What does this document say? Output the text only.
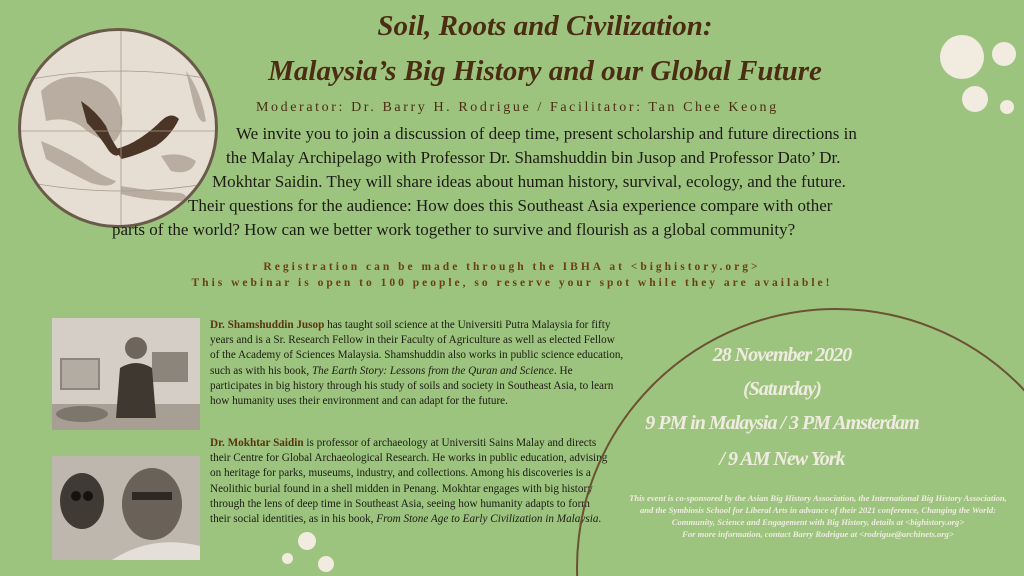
Soil, Roots and Civilization:
Malaysia’s Big History and our Global Future
Moderator: Dr. Barry H. Rodrigue / Facilitator: Tan Chee Keong
We invite you to join a discussion of deep time, present scholarship and future directions in
the Malay Archipelago with Professor Dr. Shamshuddin bin Jusop and Professor Dato’ Dr.
Mokhtar Saidin. They will share ideas about human history, survival, ecology, and the future.
Their questions for the audience: How does this Southeast Asia experience compare with other
parts of the world? How can we better work together to survive and flourish as a global community?
Registration can be made through the IBHA at <bighistory.org>
This webinar is open to 100 people, so reserve your spot while they are available!
Dr. Shamshuddin Jusop has taught soil science at the Universiti Putra Malaysia for fifty years and is a Sr. Research Fellow in their Faculty of Agriculture as well as elected Fellow of the Academy of Sciences Malaysia. Shamshuddin also works in public science education, such as with his book, The Earth Story: Lessons from the Quran and Science. He participates in big history through his study of soils and society in Southeast Asia, to learn how humanity uses their environment and can adapt for the future.
Dr. Mokhtar Saidin is professor of archaeology at Universiti Sains Malay and directs their Centre for Global Archaeological Research. He works in public education, advising on heritage for parks, museums, industry, and collections. Among his discoveries is a Neolithic burial found in a shell midden in Penang. Mokhtar engages with big history through the lens of deep time in Southeast Asia, seeing how humanity adapts to form their social identities, as in his book, From Stone Age to Early Civilization in Malaysia.
28 November 2020
(Saturday)
9 PM in Malaysia / 3 PM Amsterdam
/ 9 AM New York
This event is co-sponsored by the Asian Big History Association, the International Big History Association, and the Symbiosis School for Liberal Arts in advance of their 2021 conference, Changing the World: Community, Science and Engagement with Big History, details at <bighistory.org>
For more information, contact Barry Rodrigue at <rodrigue@archinets.org>
